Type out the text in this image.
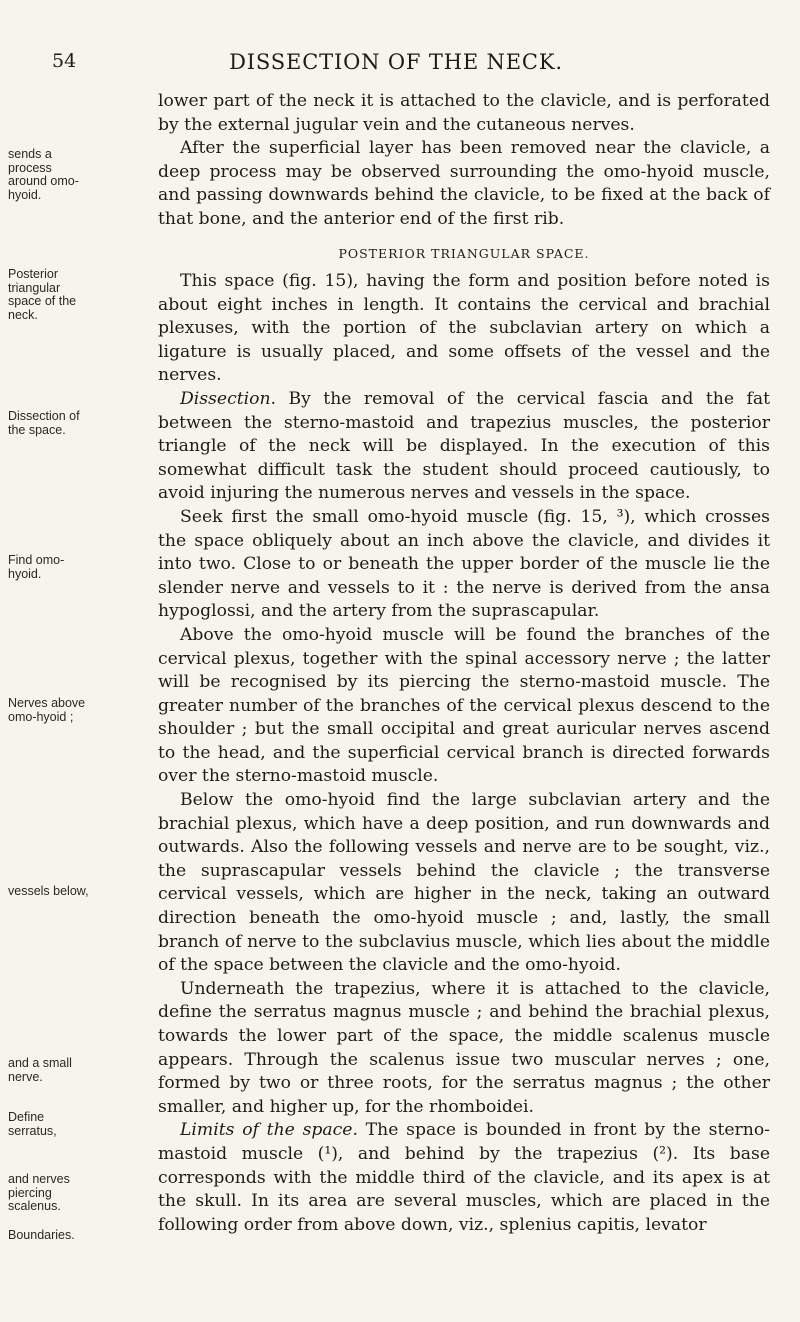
54	DISSECTION OF THE NECK.
sends a process around omo-hyoid.
Posterior triangular space of the neck.
Dissection of the space.
Find omo-hyoid.
Nerves above omo-hyoid ;
vessels below,
and a small nerve.
Define serratus,
and nerves piercing scalenus.
Boundaries.

lower part of the neck it is attached to the clavicle, and is perforated by the external jugular vein and the cutaneous nerves.

After the superficial layer has been removed near the clavicle, a deep process may be observed surrounding the omo-hyoid muscle, and passing downwards behind the clavicle, to be fixed at the back of that bone, and the anterior end of the first rib.

POSTERIOR TRIANGULAR SPACE.

This space (fig. 15), having the form and position before noted is about eight inches in length. It contains the cervical and brachial plexuses, with the portion of the subclavian artery on which a ligature is usually placed, and some offsets of the vessel and the nerves.

Dissection. By the removal of the cervical fascia and the fat between the sterno-mastoid and trapezius muscles, the posterior triangle of the neck will be displayed. In the execution of this somewhat difficult task the student should proceed cautiously, to avoid injuring the numerous nerves and vessels in the space.

Seek first the small omo-hyoid muscle (fig. 15, ³), which crosses the space obliquely about an inch above the clavicle, and divides it into two. Close to or beneath the upper border of the muscle lie the slender nerve and vessels to it : the nerve is derived from the ansa hypoglossi, and the artery from the suprascapular.

Above the omo-hyoid muscle will be found the branches of the cervical plexus, together with the spinal accessory nerve ; the latter will be recognised by its piercing the sterno-mastoid muscle. The greater number of the branches of the cervical plexus descend to the shoulder ; but the small occipital and great auricular nerves ascend to the head, and the superficial cervical branch is directed forwards over the sterno-mastoid muscle.

Below the omo-hyoid find the large subclavian artery and the brachial plexus, which have a deep position, and run downwards and outwards. Also the following vessels and nerve are to be sought, viz., the suprascapular vessels behind the clavicle ; the transverse cervical vessels, which are higher in the neck, taking an outward direction beneath the omo-hyoid muscle ; and, lastly, the small branch of nerve to the subclavius muscle, which lies about the middle of the space between the clavicle and the omo-hyoid.

Underneath the trapezius, where it is attached to the clavicle, define the serratus magnus muscle ; and behind the brachial plexus, towards the lower part of the space, the middle scalenus muscle appears. Through the scalenus issue two muscular nerves ; one, formed by two or three roots, for the serratus magnus ; the other smaller, and higher up, for the rhomboidei.

Limits of the space. The space is bounded in front by the sterno-mastoid muscle (¹), and behind by the trapezius (²). Its base corresponds with the middle third of the clavicle, and its apex is at the skull. In its area are several muscles, which are placed in the following order from above down, viz., splenius capitis, levator
